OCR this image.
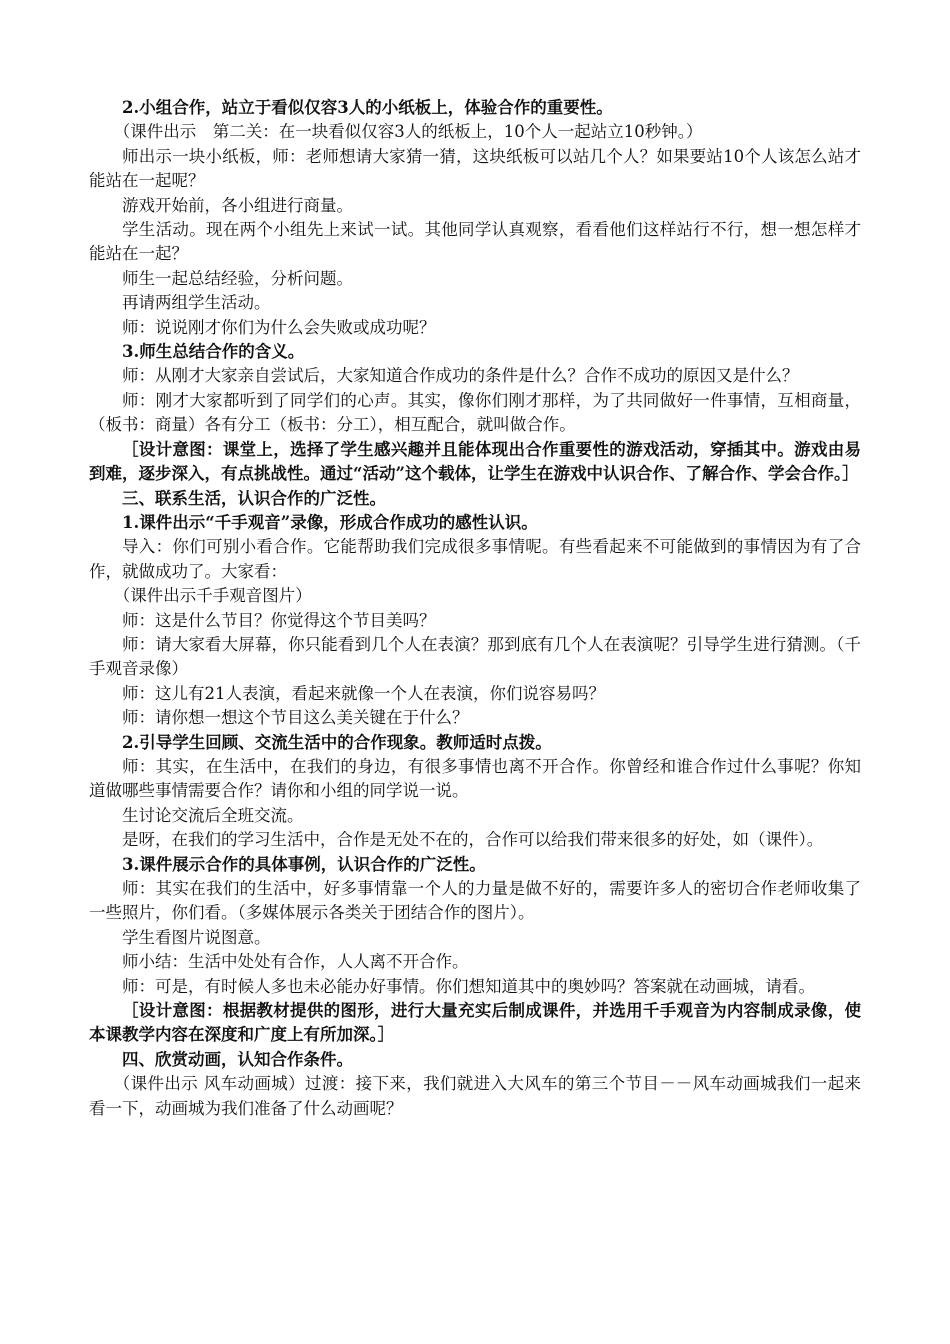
2.小组合作，站立于看似仅容3人的小纸板上，体验合作的重要性。

（课件出示　第二关：在一块看似仅容3人的纸板上，10个人一起站立10秒钟。）

师出示一块小纸板，师：老师想请大家猜一猜，这块纸板可以站几个人？如果要站10个人该怎么站才能站在一起呢？

游戏开始前，各小组进行商量。

学生活动。现在两个小组先上来试一试。其他同学认真观察，看看他们这样站行不行，想一想怎样才能站在一起？

师生一起总结经验，分析问题。

再请两组学生活动。

师：说说刚才你们为什么会失败或成功呢？

3.师生总结合作的含义。

师：从刚才大家亲自尝试后，大家知道合作成功的条件是什么？合作不成功的原因又是什么？

师：刚才大家都听到了同学们的心声。其实，像你们刚才那样，为了共同做好一件事情，互相商量，（板书：商量）各有分工（板书：分工），相互配合，就叫做合作。

［设计意图：课堂上，选择了学生感兴趣并且能体现出合作重要性的游戏活动，穿插其中。游戏由易到难，逐步深入，有点挑战性。通过“活动”这个载体，让学生在游戏中认识合作、了解合作、学会合作。］

三、联系生活，认识合作的广泛性。

1.课件出示“千手观音”录像，形成合作成功的感性认识。

导入：你们可别小看合作。它能帮助我们完成很多事情呢。有些看起来不可能做到的事情因为有了合作，就做成功了。大家看：

（课件出示千手观音图片）

师：这是什么节目？你觉得这个节目美吗？

师：请大家看大屏幕，你只能看到几个人在表演？那到底有几个人在表演呢？引导学生进行猜测。（千手观音录像）

师：这儿有21人表演，看起来就像一个人在表演，你们说容易吗？

师：请你想一想这个节目这么美关键在于什么？

2.引导学生回顾、交流生活中的合作现象。教师适时点拨。

师：其实，在生活中，在我们的身边，有很多事情也离不开合作。你曾经和谁合作过什么事呢？你知道做哪些事情需要合作？请你和小组的同学说一说。

生讨论交流后全班交流。

是呀，在我们的学习生活中，合作是无处不在的，合作可以给我们带来很多的好处，如（课件）。

3.课件展示合作的具体事例，认识合作的广泛性。

师：其实在我们的生活中，好多事情靠一个人的力量是做不好的，需要许多人的密切合作老师收集了一些照片，你们看。（多媒体展示各类关于团结合作的图片）。

学生看图片说图意。

师小结：生活中处处有合作，人人离不开合作。

师：可是，有时候人多也未必能办好事情。你们想知道其中的奥妙吗？答案就在动画城，请看。

［设计意图：根据教材提供的图形，进行大量充实后制成课件，并选用千手观音为内容制成录像，使本课教学内容在深度和广度上有所加深。］

四、欣赏动画，认知合作条件。

（课件出示 风车动画城）过渡：接下来，我们就进入大风车的第三个节目－－风车动画城我们一起来看一下，动画城为我们准备了什么动画呢？
